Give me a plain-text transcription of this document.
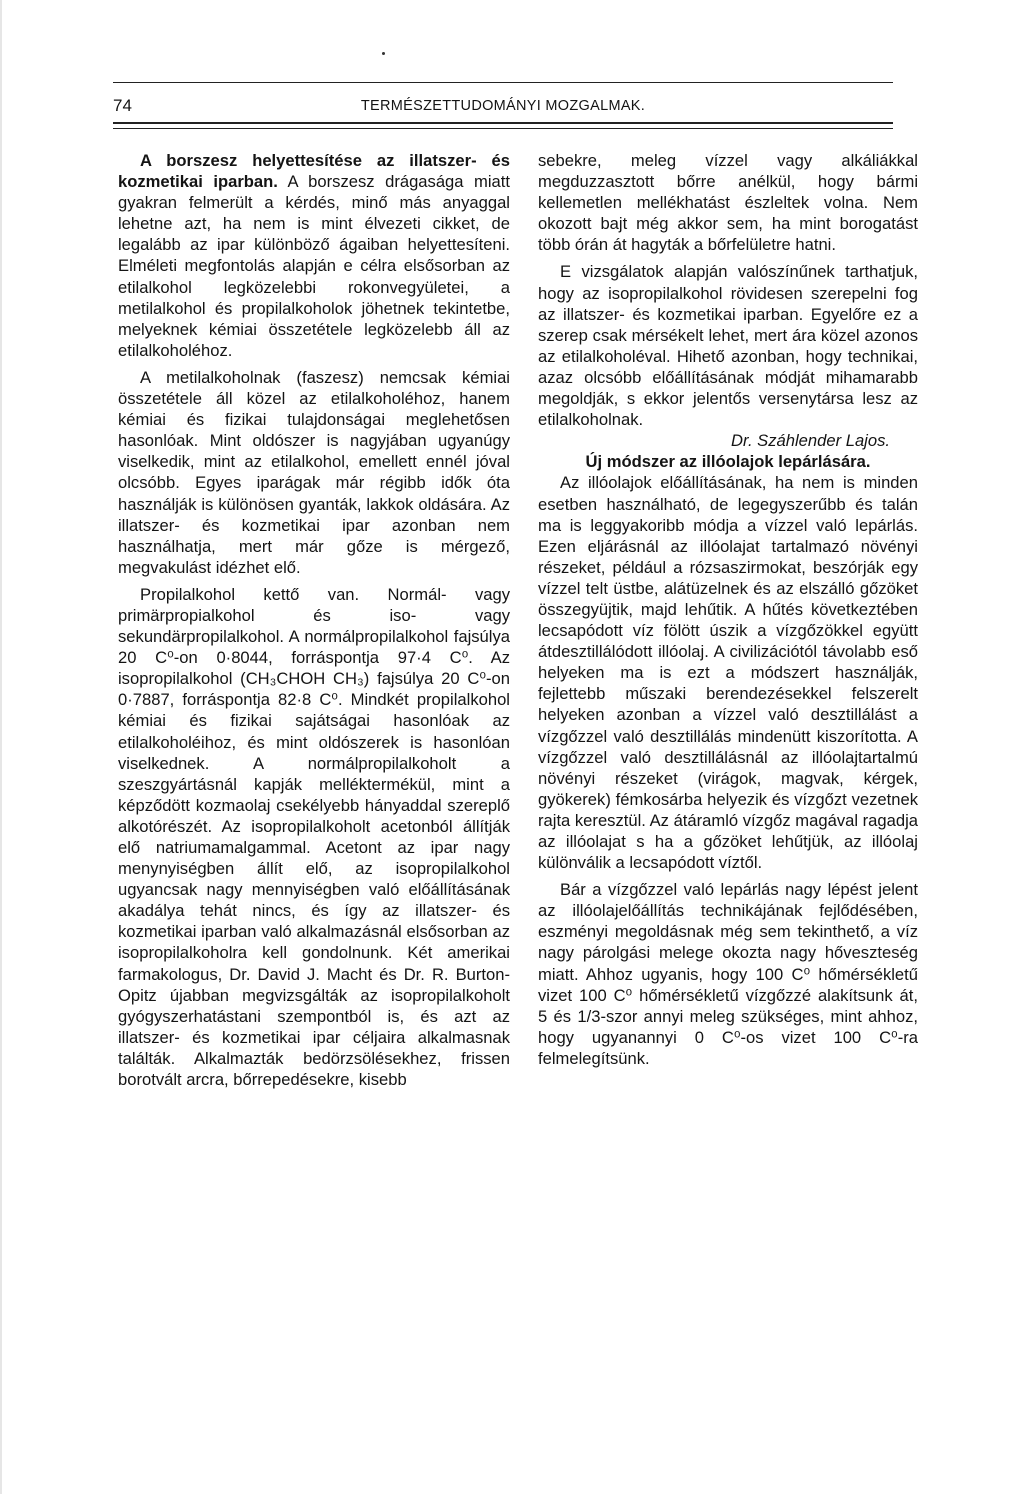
74	TERMÉSZETTUDOMÁNYI MOZGALMAK.

A borszesz helyettesítése az illatszer- és kozmetikai iparban. A borszesz drágasága miatt gyakran felmerült a kérdés, minő más anyaggal lehetne azt, ha nem is mint élvezeti cikket, de legalább az ipar különböző ágaiban helyettesíteni. Elméleti megfontolás alapján e célra elsősorban az etilalkohol legközelebbi rokonvegyületei, a metilalkohol és propilalkoholok jöhetnek tekintetbe, melyeknek kémiai összetétele legközelebb áll az etilalkoholéhoz.

A metilalkoholnak (faszesz) nemcsak kémiai összetétele áll közel az etilalkoholéhoz, hanem kémiai és fizikai tulajdonságai meglehetősen hasonlóak. Mint oldószer is nagyjában ugyanúgy viselkedik, mint az etilalkohol, emellett ennél jóval olcsóbb. Egyes iparágak már régibb idők óta használják is különösen gyanták, lakkok oldására. Az illatszer- és kozmetikai ipar azonban nem használhatja, mert már gőze is mérgező, megvakulást idézhet elő.

Propilalkohol kettő van. Normál- vagy primärpropialkohol és iso- vagy sekundärpropilalkohol. A normálpropilalkohol fajsúlya 20 C⁰-on 0·8044, forráspontja 97·4 C⁰. Az isopropilalkohol (CH₃CHOH CH₃) fajsúlya 20 C⁰-on 0·7887, forráspontja 82·8 C⁰. Mindkét propilalkohol kémiai és fizikai sajátságai hasonlóak az etilalkoholéihoz, és mint oldószerek is hasonlóan viselkednek. A normálpropilalkoholt a szeszgyártásnál kapják melléktermékül, mint a képződött kozmaolaj csekélyebb hányaddal szereplő alkotórészét. Az isopropilalkoholt acetonból állítják elő natriumamalgammal. Acetont az ipar nagy menynyiségben állít elő, az isopropilalkohol ugyancsak nagy mennyiségben való előállításának akadálya tehát nincs, és így az illatszer- és kozmetikai iparban való alkalmazásnál elsősorban az isopropilalkoholra kell gondolnunk. Két amerikai farmakologus, Dr. David J. Macht és Dr. R. Burton-Opitz újabban megvizsgálták az isopropilalkoholt gyógyszerhatástani szempontból is, és azt az illatszer- és kozmetikai ipar céljaira alkalmasnak találták. Alkalmazták bedörzsölésekhez, frissen borotvált arcra, bőrrepedésekre, kisebb

sebekre, meleg vízzel vagy alkáliákkal megduzzasztott bőrre anélkül, hogy bármi kellemetlen mellékhatást észleltek volna. Nem okozott bajt még akkor sem, ha mint borogatást több órán át hagyták a bőrfelületre hatni.

E vizsgálatok alapján valószínűnek tarthatjuk, hogy az isopropilalkohol rövidesen szerepelni fog az illatszer- és kozmetikai iparban. Egyelőre ez a szerep csak mérsékelt lehet, mert ára közel azonos az etilalkoholéval. Hihető azonban, hogy technikai, azaz olcsóbb előállításának módját mihamarabb megoldják, s ekkor jelentős versenytársa lesz az etilalkoholnak.

Dr. Száhlender Lajos.

Új módszer az illóolajok lepárlására.

Az illóolajok előállításának, ha nem is minden esetben használható, de legegyszerűbb és talán ma is leggyakoribb módja a vízzel való lepárlás. Ezen eljárásnál az illóolajat tartalmazó növényi részeket, például a rózsaszirmokat, beszórják egy vízzel telt üstbe, alátüzelnek és az elszálló gőzöket összegyüjtik, majd lehűtik. A hűtés következtében lecsapódott víz fölött úszik a vízgőzökkel együtt átdesztillálódott illóolaj. A civilizációtól távolabb eső helyeken ma is ezt a módszert használják, fejlettebb műszaki berendezésekkel felszerelt helyeken azonban a vízzel való desztillálást a vízgőzzel való desztillálás mindenütt kiszorította. A vízgőzzel való desztillálásnál az illóolajtartalmú növényi részeket (virágok, magvak, kérgek, gyökerek) fémkosárba helyezik és vízgőzt vezetnek rajta keresztül. Az átáramló vízgőz magával ragadja az illóolajat s ha a gőzöket lehűtjük, az illóolaj különválik a lecsapódott víztől.

Bár a vízgőzzel való lepárlás nagy lépést jelent az illóolajelőállítás technikájának fejlődésében, eszményi megoldásnak még sem tekinthető, a víz nagy párolgási melege okozta nagy hőveszteség miatt. Ahhoz ugyanis, hogy 100 C⁰ hőmérsékletű vizet 100 C⁰ hőmérsékletű vízgőzzé alakítsunk át, 5 és 1/3-szor annyi meleg szükséges, mint ahhoz, hogy ugyanannyi 0 C⁰-os vizet 100 C⁰-ra felmelegítsünk.
